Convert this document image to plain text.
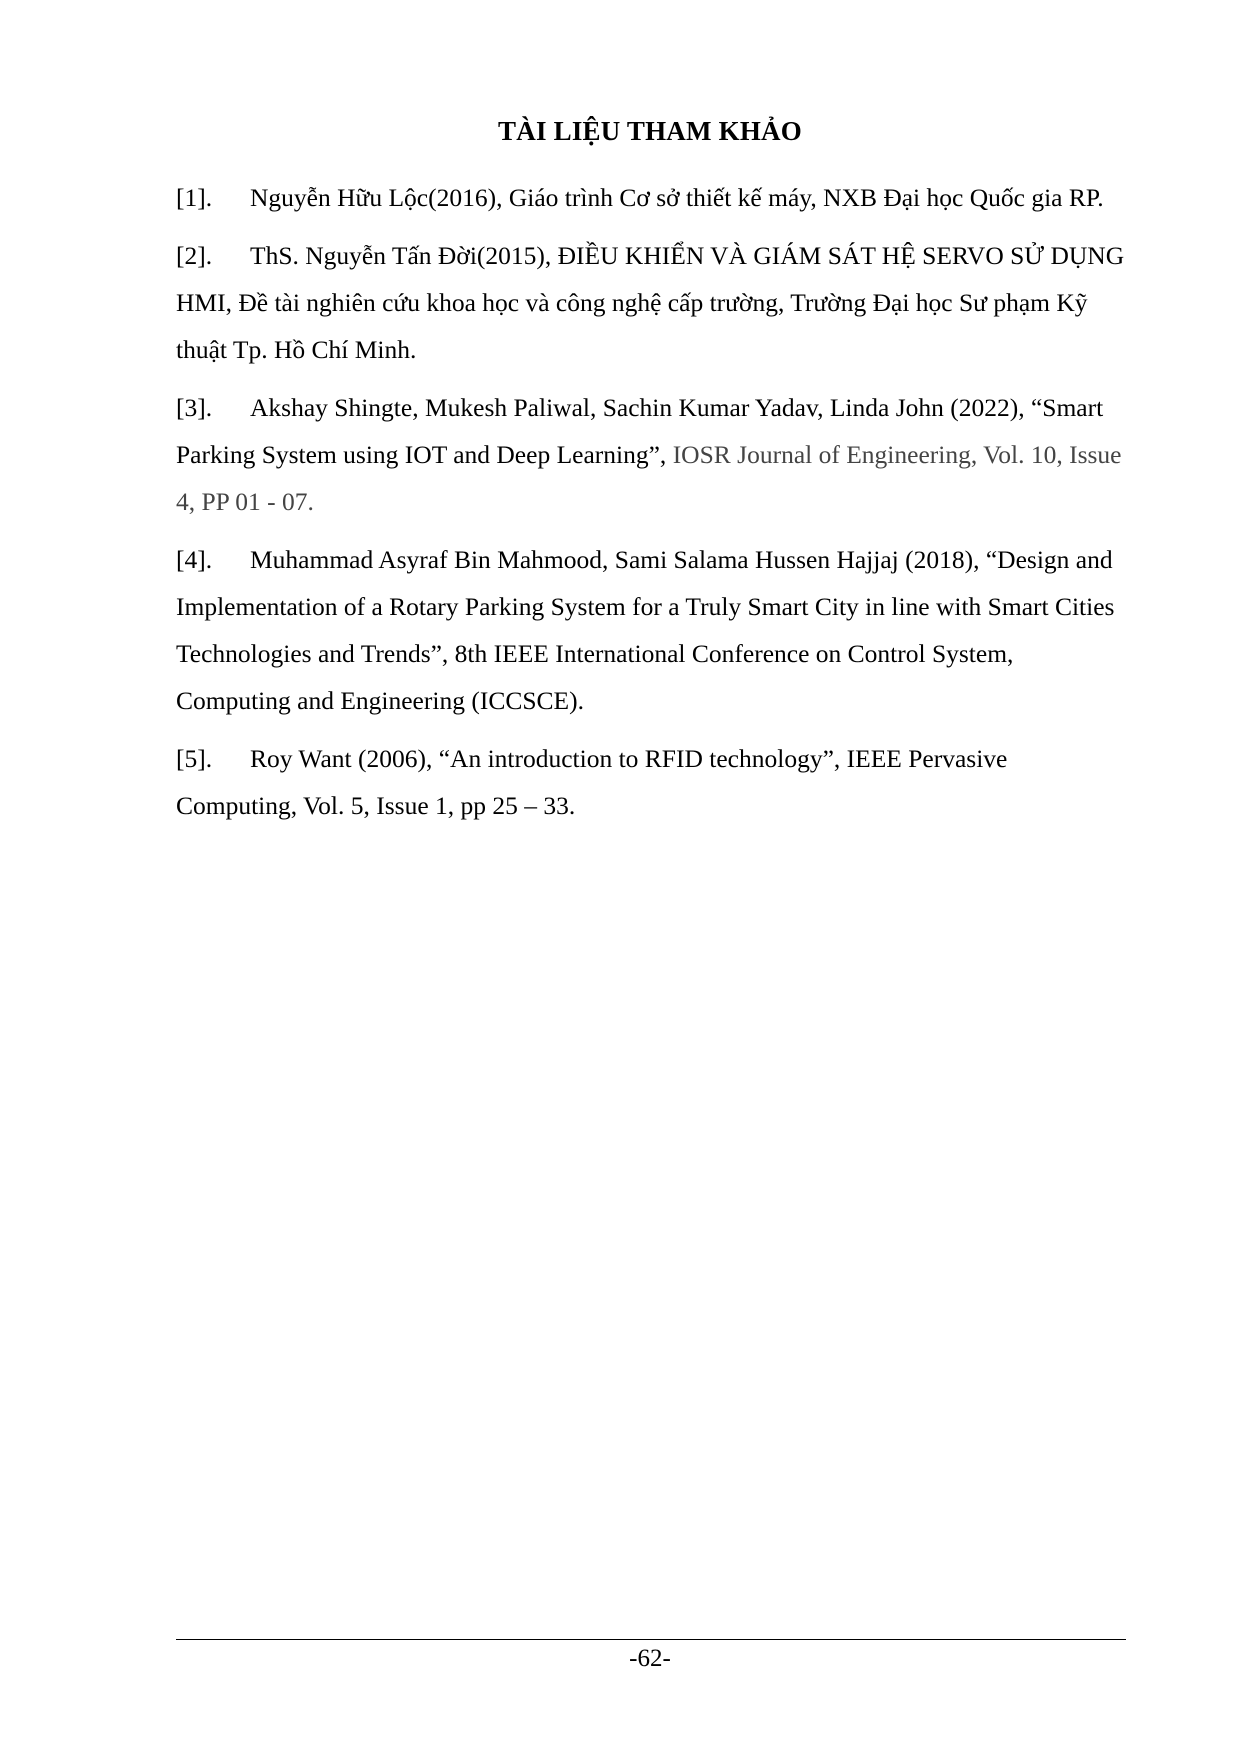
TÀI LIỆU THAM KHẢO
[1]. Nguyễn Hữu Lộc(2016), Giáo trình Cơ sở thiết kế máy, NXB Đại học Quốc gia RP.
[2]. ThS. Nguyễn Tấn Đời(2015), ĐIỀU KHIỂN VÀ GIÁM SÁT HỆ SERVO SỬ DỤNG HMI, Đề tài nghiên cứu khoa học và công nghệ cấp trường, Trường Đại học Sư phạm Kỹ thuật Tp. Hồ Chí Minh.
[3]. Akshay Shingte, Mukesh Paliwal, Sachin Kumar Yadav, Linda John (2022), “Smart Parking System using IOT and Deep Learning”, IOSR Journal of Engineering, Vol. 10, Issue 4, PP 01 - 07.
[4]. Muhammad Asyraf Bin Mahmood, Sami Salama Hussen Hajjaj (2018), “Design and Implementation of a Rotary Parking System for a Truly Smart City in line with Smart Cities Technologies and Trends”, 8th IEEE International Conference on Control System, Computing and Engineering (ICCSCE).
[5]. Roy Want (2006), “An introduction to RFID technology”, IEEE Pervasive Computing, Vol. 5, Issue 1, pp 25 – 33.
-62-
